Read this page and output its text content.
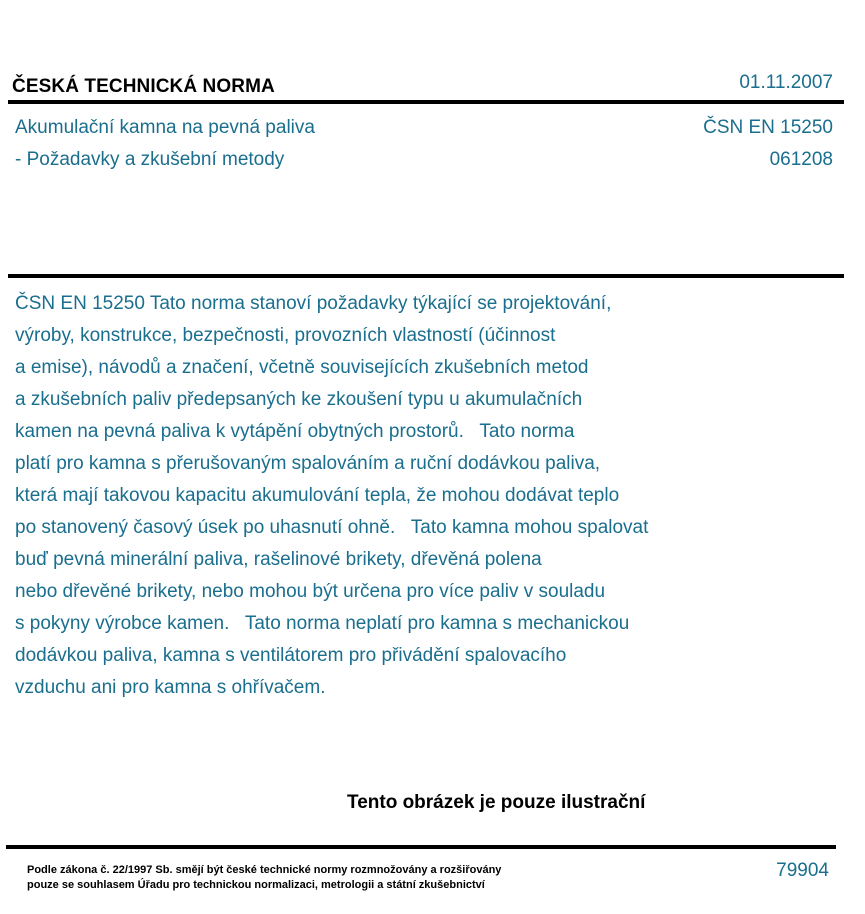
ČESKÁ TECHNICKÁ NORMA	01.11.2007
Akumulační kamna na pevná paliva
- Požadavky a zkušební metody
ČSN EN 15250
061208

ČSN EN 15250 Tato norma stanoví požadavky týkající se projektování,
výroby, konstrukce, bezpečnosti, provozních vlastností (účinnost
a emise), návodů a značení, včetně souvisejících zkušebních metod
a zkušebních paliv předepsaných ke zkoušení typu u akumulačních
kamen na pevná paliva k vytápění obytných prostorů.   Tato norma
platí pro kamna s přerušovaným spalováním a ruční dodávkou paliva,
která mají takovou kapacitu akumulování tepla, že mohou dodávat teplo
po stanovený časový úsek po uhasnutí ohně.   Tato kamna mohou spalovat
buď pevná minerální paliva, rašelinové brikety, dřevěná polena
nebo dřevěné brikety, nebo mohou být určena pro více paliv v souladu
s pokyny výrobce kamen.   Tato norma neplatí pro kamna s mechanickou
dodávkou paliva, kamna s ventilátorem pro přivádění spalovacího
vzduchu ani pro kamna s ohřívačem.

Tento obrázek je pouze ilustrační
Podle zákona č. 22/1997 Sb. smějí být české technické normy rozmnožovány a rozšiřovány
pouze se souhlasem Úřadu pro technickou normalizaci, metrologii a státní zkušebnictví
79904
